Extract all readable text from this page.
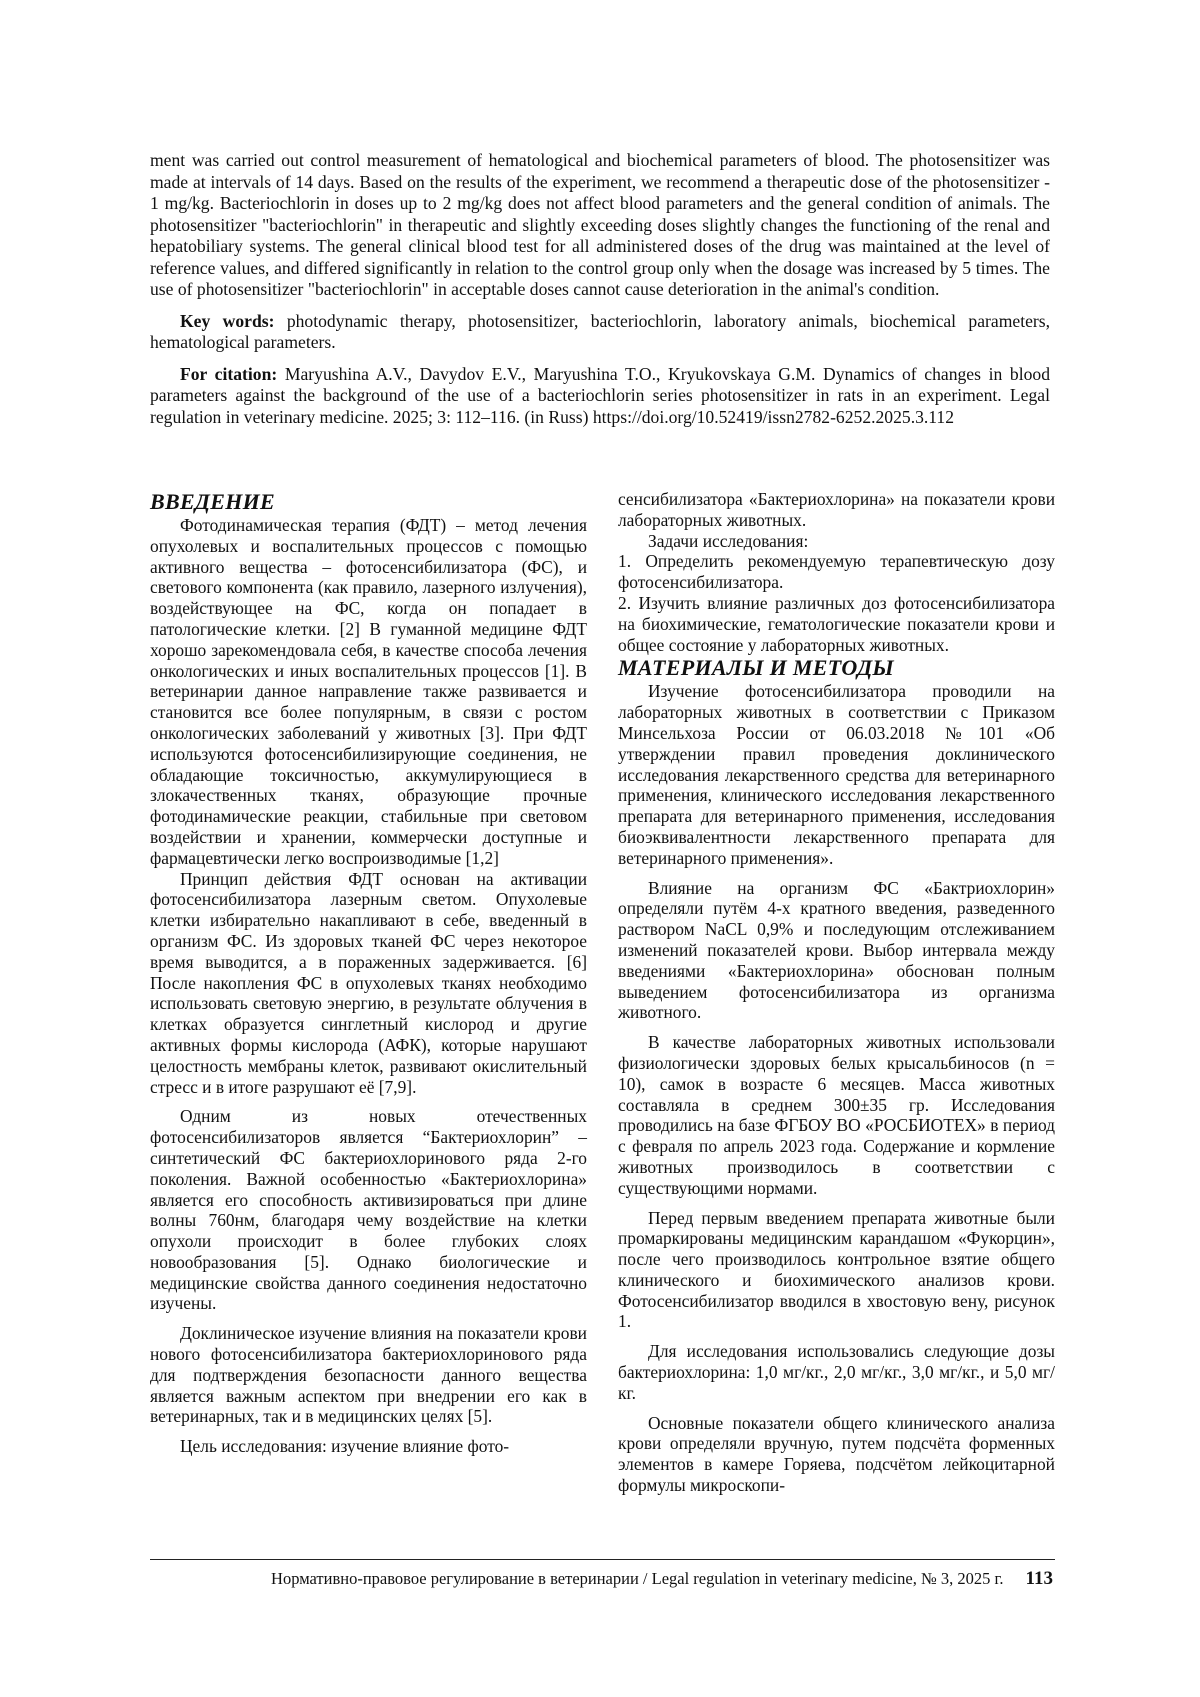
ment was carried out control measurement of hematological and biochemical parameters of blood. The photosensitizer was made at intervals of 14 days. Based on the results of the experiment, we recommend a therapeutic dose of the photosensitizer - 1 mg/kg. Bacteriochlorin in doses up to 2 mg/kg does not affect blood parameters and the general condition of animals. The photosensitizer "bacteriochlorin" in therapeutic and slightly exceeding doses slightly changes the functioning of the renal and hepatobiliary systems. The general clinical blood test for all administered doses of the drug was maintained at the level of reference values, and differed significantly in relation to the control group only when the dosage was increased by 5 times. The use of photosensitizer "bacteriochlorin" in acceptable doses cannot cause deterioration in the animal's condition.

Key words: photodynamic therapy, photosensitizer, bacteriochlorin, laboratory animals, biochemical parameters, hematological parameters.

For citation: Maryushina A.V., Davydov E.V., Maryushina T.O., Kryukovskaya G.M. Dynamics of changes in blood parameters against the background of the use of a bacteriochlorin series photosensitizer in rats in an experiment. Legal regulation in veterinary medicine. 2025; 3: 112–116. (in Russ) https://doi.org/10.52419/issn2782-6252.2025.3.112

ВВЕДЕНИЕ

Фотодинамическая терапия (ФДТ) – метод лечения опухолевых и воспалительных процессов с помощью активного вещества – фотосенсибилизатора (ФС), и светового компонента (как правило, лазерного излучения), воздействующее на ФС, когда он попадает в патологические клетки. [2] В гуманной медицине ФДТ хорошо зарекомендовала себя, в качестве способа лечения онкологических и иных воспалительных процессов [1]. В ветеринарии данное направление также развивается и становится все более популярным, в связи с ростом онкологических заболеваний у животных [3]. При ФДТ используются фотосенсибилизирующие соединения, не обладающие токсичностью, аккумулирующиеся в злокачественных тканях, образующие прочные фотодинамические реакции, стабильные при световом воздействии и хранении, коммерчески доступные и фармацевтически легко воспроизводимые [1,2]

Принцип действия ФДТ основан на активации фотосенсибилизатора лазерным светом. Опухолевые клетки избирательно накапливают в себе, введенный в организм ФС. Из здоровых тканей ФС через некоторое время выводится, а в пораженных задерживается. [6] После накопления ФС в опухолевых тканях необходимо использовать световую энергию, в результате облучения в клетках образуется синглетный кислород и другие активных формы кислорода (АФК), которые нарушают целостность мембраны клеток, развивают окислительный стресс и в итоге разрушают её [7,9].

Одним из новых отечественных фотосенсибилизаторов является “Бактериохлорин” – синтетический ФС бактериохлоринового ряда 2-го поколения. Важной особенностью «Бактериохлорина» является его способность активизироваться при длине волны 760нм, благодаря чему воздействие на клетки опухоли происходит в более глубоких слоях новообразования [5]. Однако биологические и медицинские свойства данного соединения недостаточно изучены.

Доклиническое изучение влияния на показатели крови нового фотосенсибилизатора бактериохлоринового ряда для подтверждения безопасности данного вещества является важным аспектом при внедрении его как в ветеринарных, так и в медицинских целях [5].

Цель исследования: изучение влияние фото-

сенсибилизатора «Бактериохлорина» на показатели крови лабораторных животных.

Задачи исследования:

1. Определить рекомендуемую терапевтическую дозу фотосенсибилизатора.

2. Изучить влияние различных доз фотосенсибилизатора на биохимические, гематологические показатели крови и общее состояние у лабораторных животных.

МАТЕРИАЛЫ И МЕТОДЫ

Изучение фотосенсибилизатора проводили на лабораторных животных в соответствии с Приказом Минсельхоза России от 06.03.2018 №101 «Об утверждении правил проведения доклинического исследования лекарственного средства для ветеринарного применения, клинического исследования лекарственного препарата для ветеринарного применения, исследования биоэквивалентности лекарственного препарата для ветеринарного применения».

Влияние на организм ФС «Бактриохлорин» определяли путём 4-х кратного введения, разведенного раствором NaCL 0,9% и последующим отслеживанием изменений показателей крови. Выбор интервала между введениями «Бактериохлорина» обоснован полным выведением фотосенсибилизатора из организма животного.

В качестве лабораторных животных использовали физиологически здоровых белых крысальбиносов (n = 10), самок в возрасте 6 месяцев. Масса животных составляла в среднем 300±35 гр. Исследования проводились на базе ФГБОУ ВО «РОСБИОТЕХ» в период с февраля по апрель 2023 года. Содержание и кормление животных производилось в соответствии с существующими нормами.

Перед первым введением препарата животные были промаркированы медицинским карандашом «Фукорцин», после чего производилось контрольное взятие общего клинического и биохимического анализов крови. Фотосенсибилизатор вводился в хвостовую вену, рисунок 1.

Для исследования использовались следующие дозы бактериохлорина: 1,0 мг/кг., 2,0 мг/кг., 3,0 мг/кг., и 5,0 мг/кг.

Основные показатели общего клинического анализа крови определяли вручную, путем подсчёта форменных элементов в камере Горяева, подсчётом лейкоцитарной формулы микроскопи-

Нормативно-правовое регулирование в ветеринарии / Legal regulation in veterinary medicine, № 3, 2025 г. 113
